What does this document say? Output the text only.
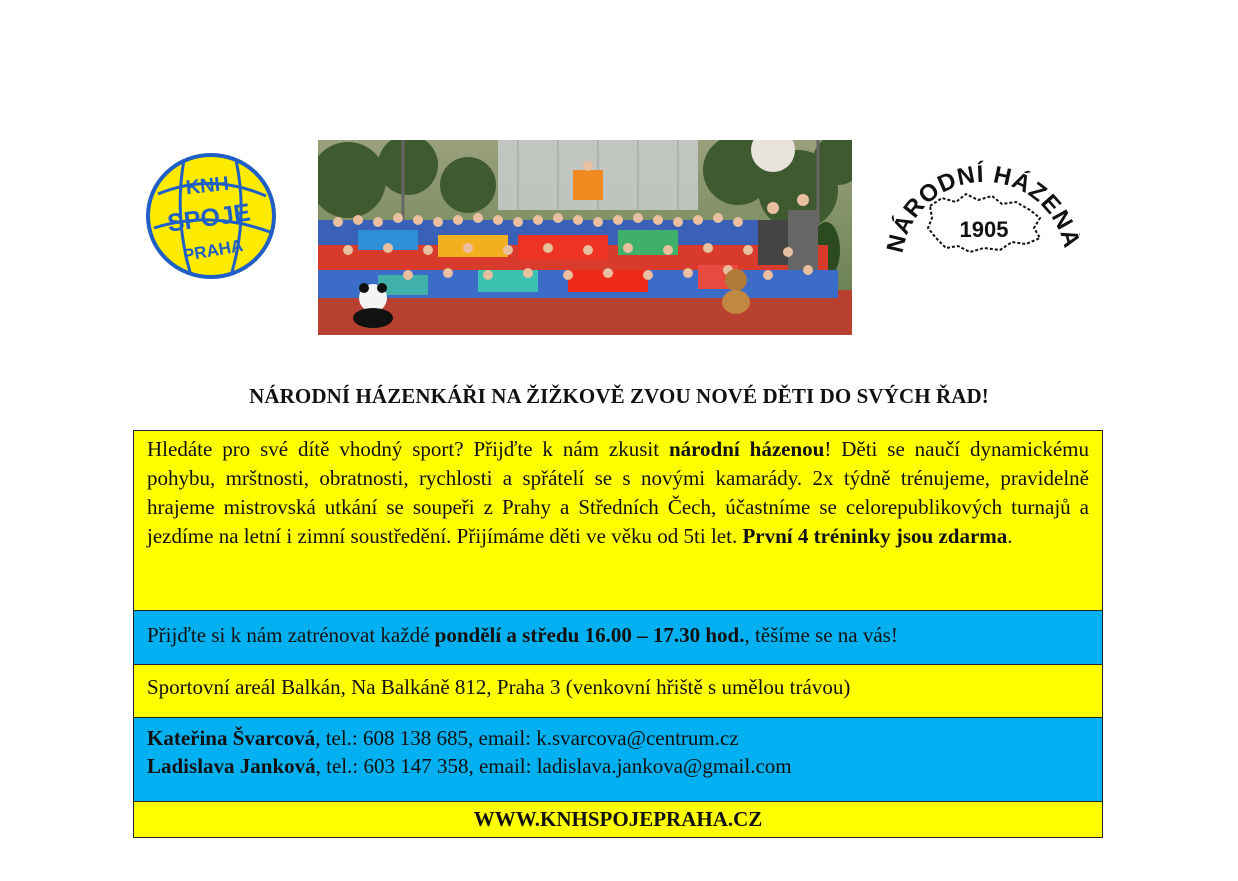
KNH
SPOJE
PRAHA	NÁRODNÍ HÁZEN
1905
NÁRODNÍ HÁZENKÁŘI NA ŽIŽKOVĚ ZVOU NOVÉ DĚTI DO SVÝCH ŘAD!
Hledáte pro své dítě vhodný sport? Přijďte k nám zkusit národní házenou! Děti se naučí dynamickému pohybu, mrštnosti, obratnosti, rychlosti a spřátelí se s novými kamarády. 2x týdně trénujeme, pravidelně hrajeme mistrovská utkání se soupeři z Prahy a Středních Čech, účastníme se celorepublikových turnajů a jezdíme na letní i zimní soustředění. Přijímáme děti ve věku od 5ti let. První 4 tréninky jsou zdarma.
Přijďte si k nám zatrénovat každé pondělí a středu 16.00 – 17.30 hod., těšíme se na vás!
Sportovní areál Balkán, Na Balkáně 812, Praha 3 (venkovní hřiště s umělou trávou)
Kateřina Švarcová, tel.: 608 138 685, email: k.svarcova@centrum.cz
Ladislava Janková, tel.: 603 147 358, email: ladislava.jankova@gmail.com
WWW.KNHSPOJEPRAHA.CZ
